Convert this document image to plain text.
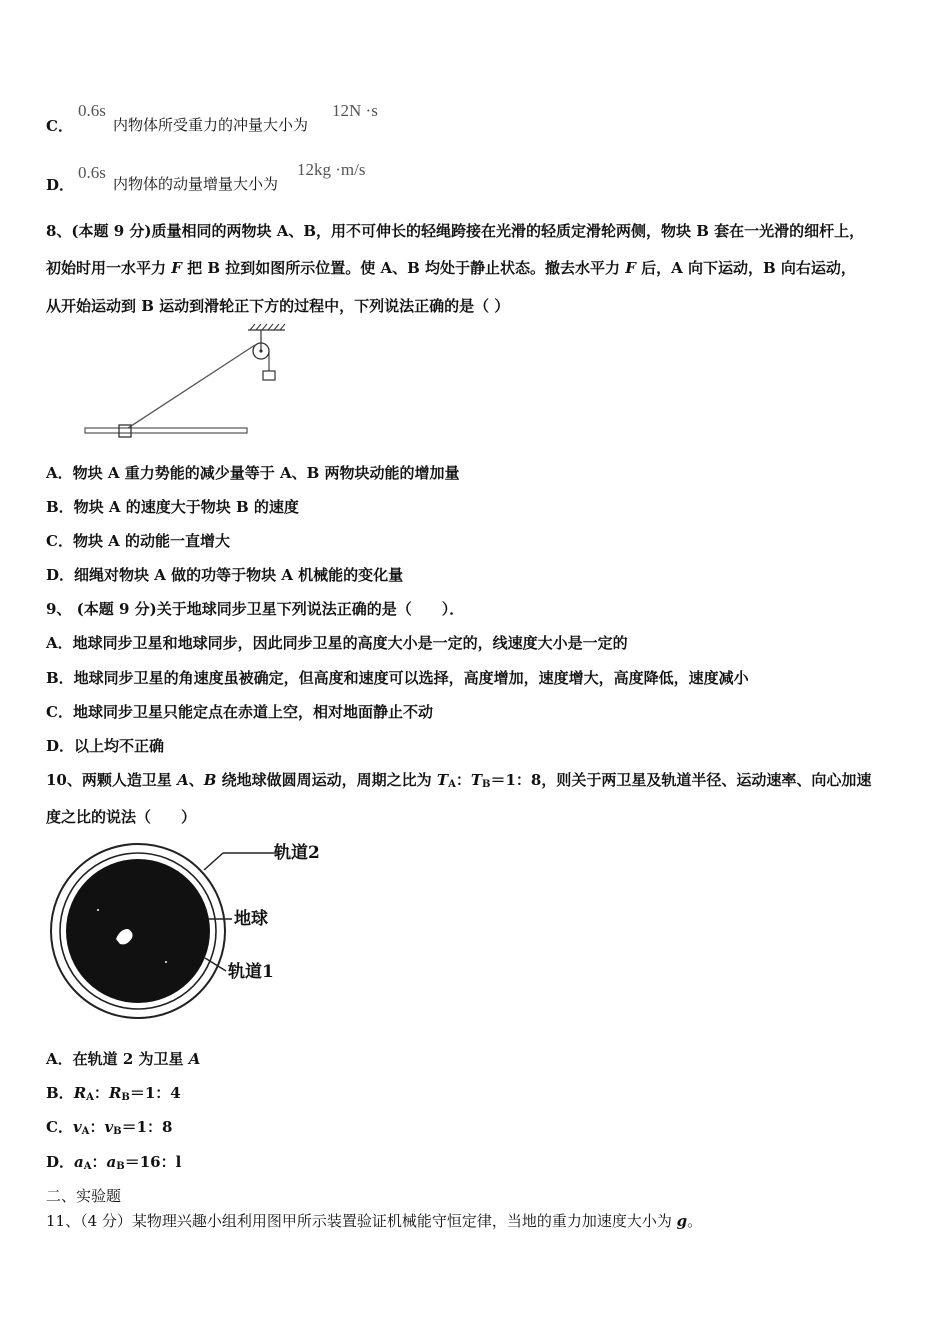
C．
0.6s
内物体所受重力的冲量大小为
12N ·s
D．
0.6s
内物体的动量增量大小为
12kg ·m/s
8、(本题 9 分)质量相同的两物块 A、B，用不可伸长的轻绳跨接在光滑的轻质定滑轮两侧，物块 B 套在一光滑的细杆上，
初始时用一水平力 F 把 B 拉到如图所示位置。使 A、B 均处于静止状态。撤去水平力 F 后，A 向下运动，B 向右运动，
从开始运动到 B 运动到滑轮正下方的过程中，下列说法正确的是（ ）
A．物块 A 重力势能的减少量等于 A、B 两物块动能的增加量
B．物块 A 的速度大于物块 B 的速度
C．物块 A 的动能一直增大
D．细绳对物块 A 做的功等于物块 A 机械能的变化量
9、 (本题 9 分)关于地球同步卫星下列说法正确的是（　　）．
A．地球同步卫星和地球同步，因此同步卫星的高度大小是一定的，线速度大小是一定的
B．地球同步卫星的角速度虽被确定，但高度和速度可以选择，高度增加，速度增大，高度降低，速度减小
C．地球同步卫星只能定点在赤道上空，相对地面静止不动
D．以上均不正确
10、两颗人造卫星 A、B 绕地球做圆周运动，周期之比为 $T_A$：$T_B=1$：8，则关于两卫星及轨道半径、运动速率、向心加速
度之比的说法（　　）
轨道2
地球
轨道1
A．在轨道 2 为卫星 A
B．$R_A$：$R_B=1$：4
C．$v_A$：$v_B=1$：8
D．$a_A$：$a_B=16$：l
二、实验题
11、（4 分）某物理兴趣小组利用图甲所示装置验证机械能守恒定律，当地的重力加速度大小为 g。
